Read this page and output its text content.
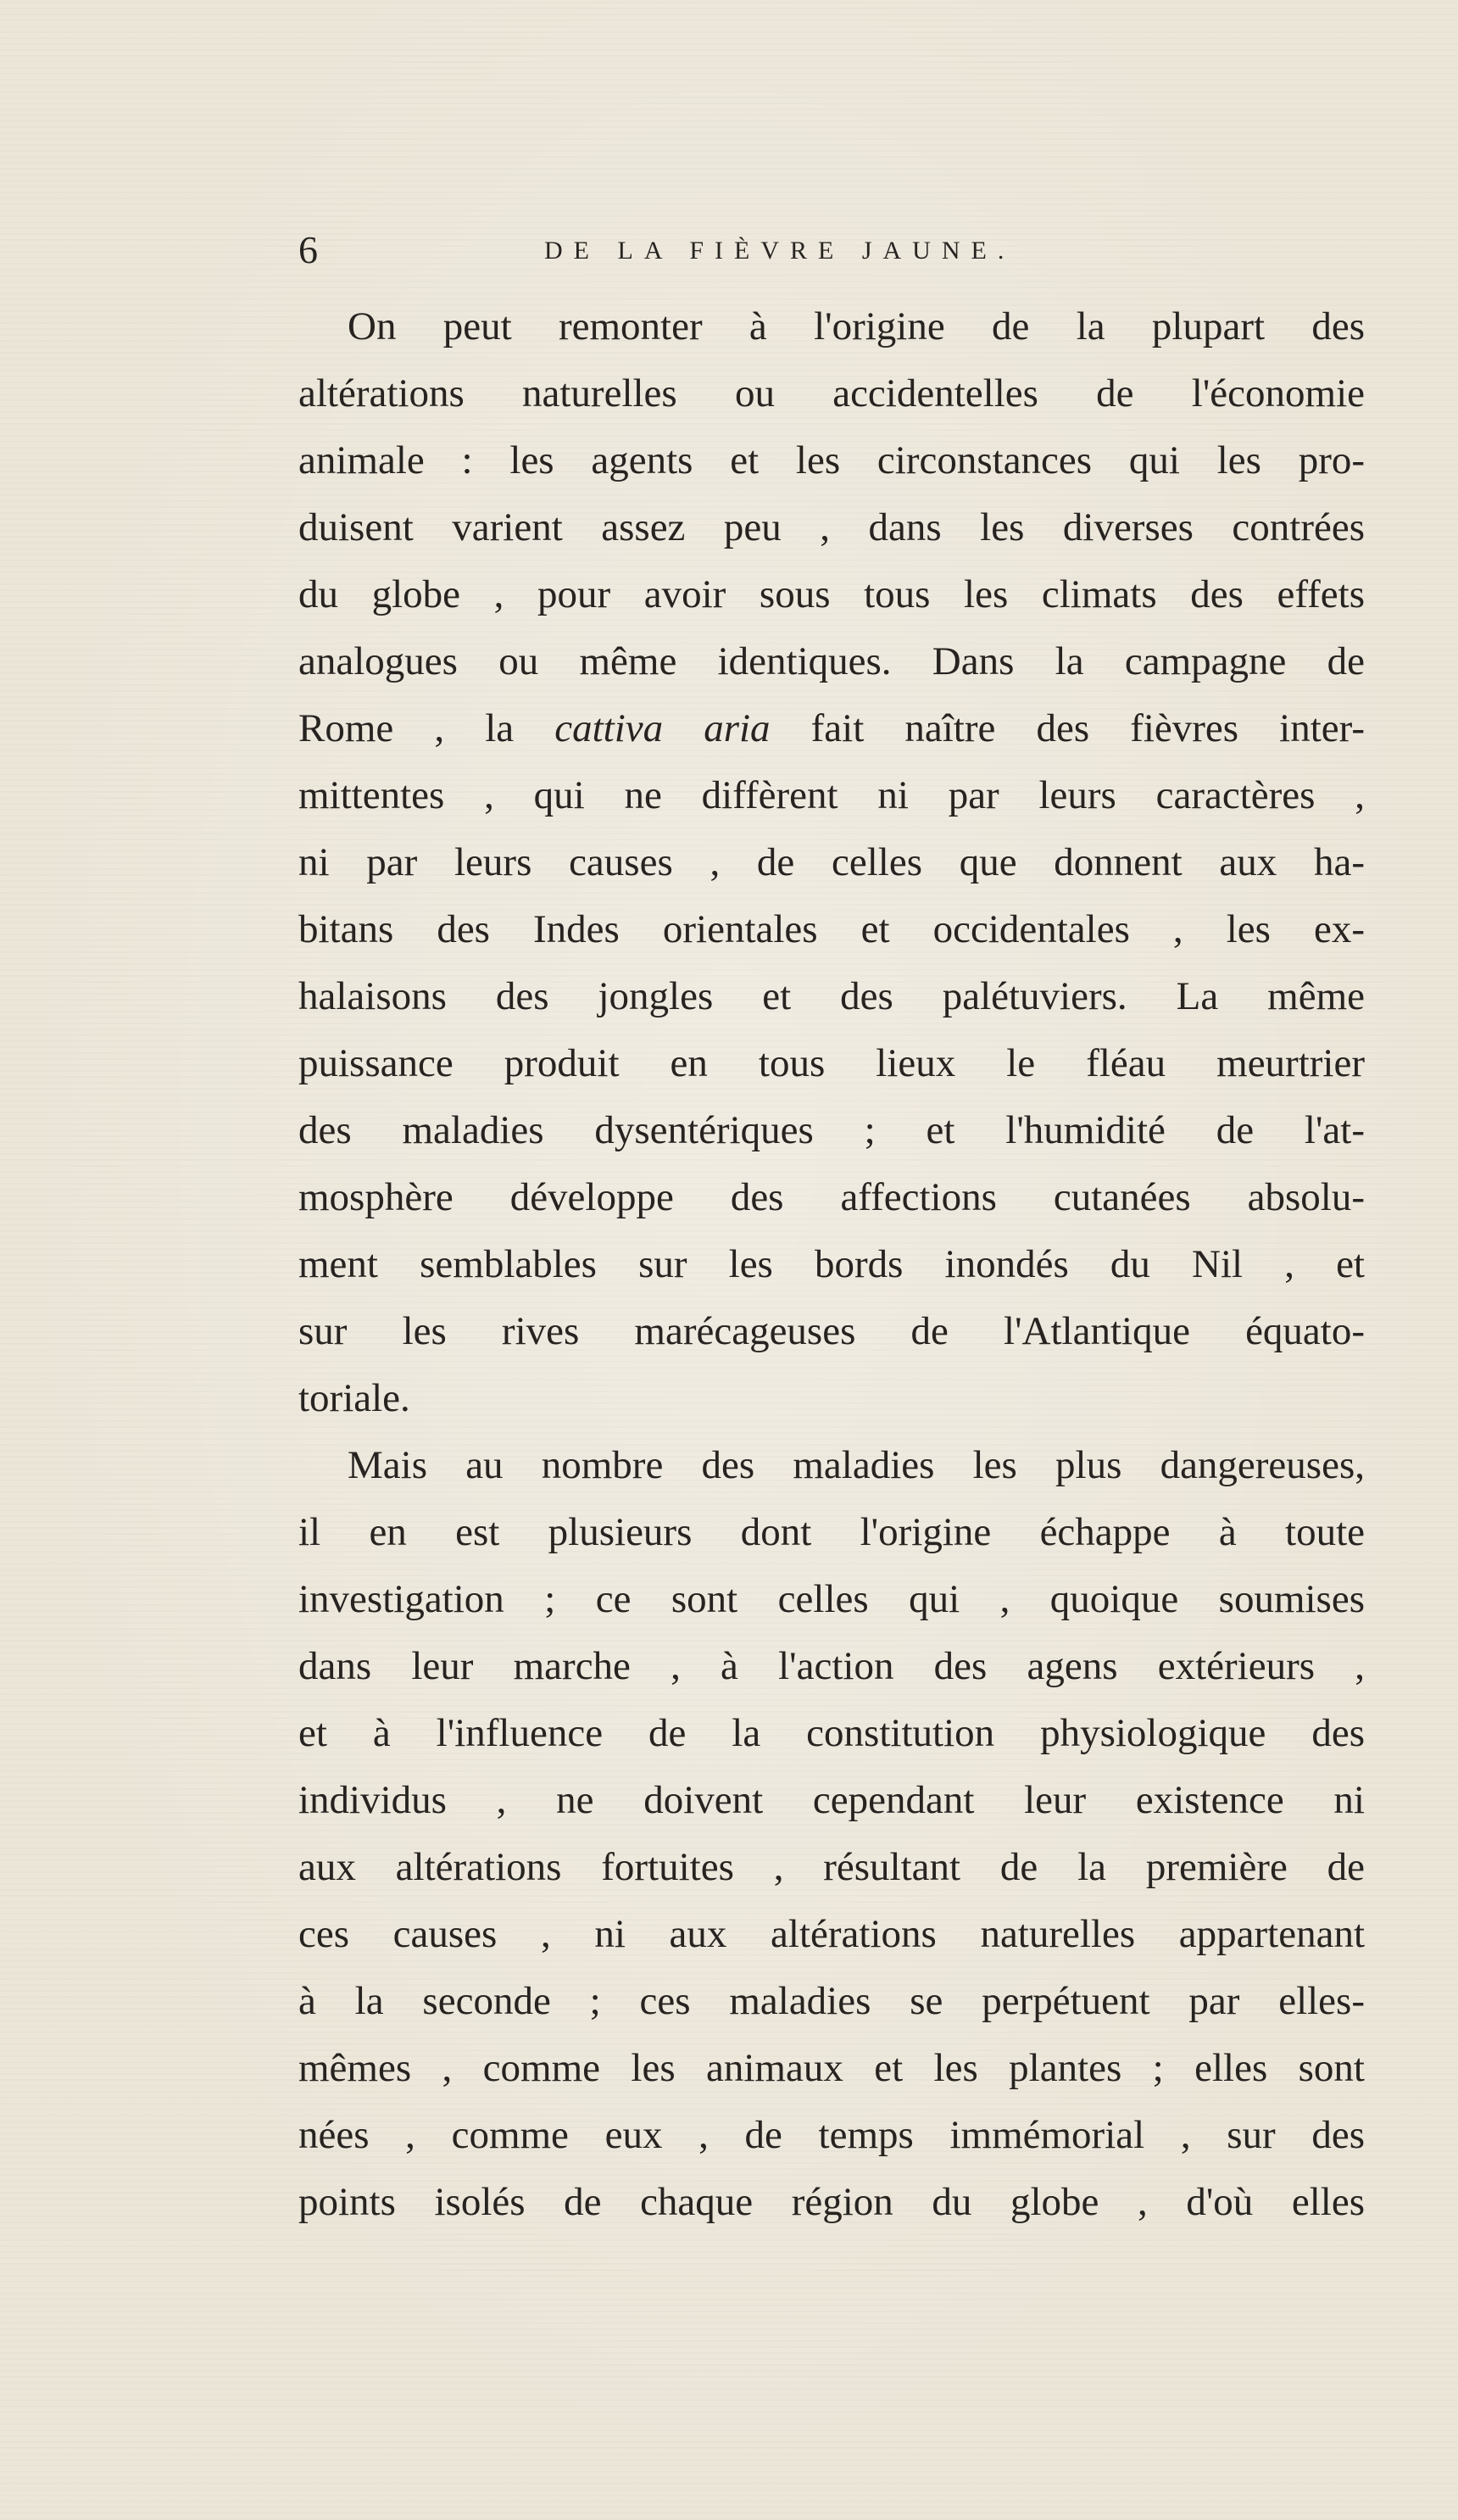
6	DE LA FIÈVRE JAUNE.
On peut remonter à l'origine de la plupart des
altérations naturelles ou accidentelles de l'économie
animale : les agents et les circonstances qui les pro-
duisent varient assez peu , dans les diverses contrées
du globe , pour avoir sous tous les climats des effets
analogues ou même identiques. Dans la campagne de
Rome , la cattiva aria fait naître des fièvres inter-
mittentes , qui ne diffèrent ni par leurs caractères ,
ni par leurs causes , de celles que donnent aux ha-
bitans des Indes orientales et occidentales , les ex-
halaisons des jongles et des palétuviers. La même
puissance produit en tous lieux le fléau meurtrier
des maladies dysentériques ; et l'humidité de l'at-
mosphère développe des affections cutanées absolu-
ment semblables sur les bords inondés du Nil , et
sur les rives marécageuses de l'Atlantique équato-
toriale.
Mais au nombre des maladies les plus dangereuses,
il en est plusieurs dont l'origine échappe à toute
investigation ; ce sont celles qui , quoique soumises
dans leur marche , à l'action des agens extérieurs ,
et à l'influence de la constitution physiologique des
individus , ne doivent cependant leur existence ni
aux altérations fortuites , résultant de la première de
ces causes , ni aux altérations naturelles appartenant
à la seconde ; ces maladies se perpétuent par elles-
mêmes , comme les animaux et les plantes ; elles sont
nées , comme eux , de temps immémorial , sur des
points isolés de chaque région du globe , d'où elles
